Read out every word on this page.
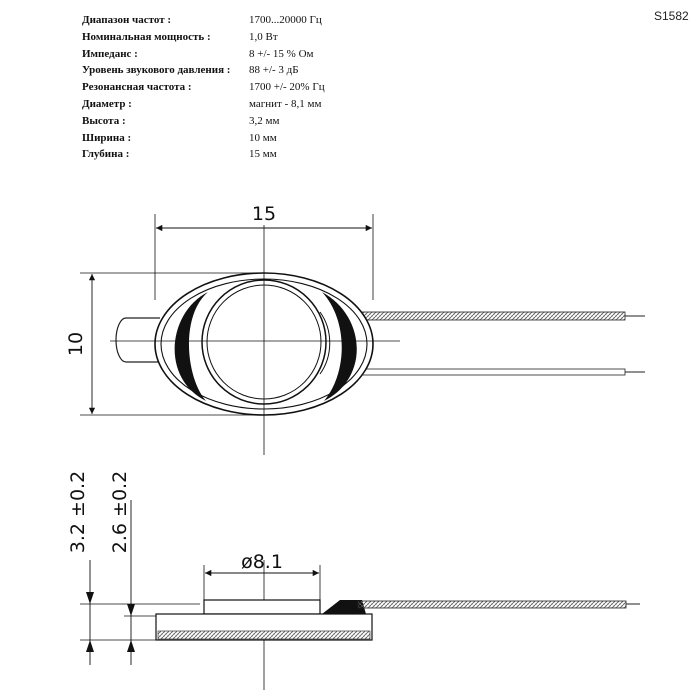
S1582
Диапазон частот :	1700...20000 Гц
Номинальная мощность :	1,0 Вт
Импеданс :	8 +/- 15 % Ом
Уровень звукового давления : 88 +/- 3 дБ
Резонансная частота :	1700 +/- 20% Гц
Диаметр :	магнит - 8,1 мм
Высота :	3,2 мм
Ширина :	10 мм
Глубина :	15 мм
15
10
ø8.1
3.2 ±0.2 2.6 ±0.2
